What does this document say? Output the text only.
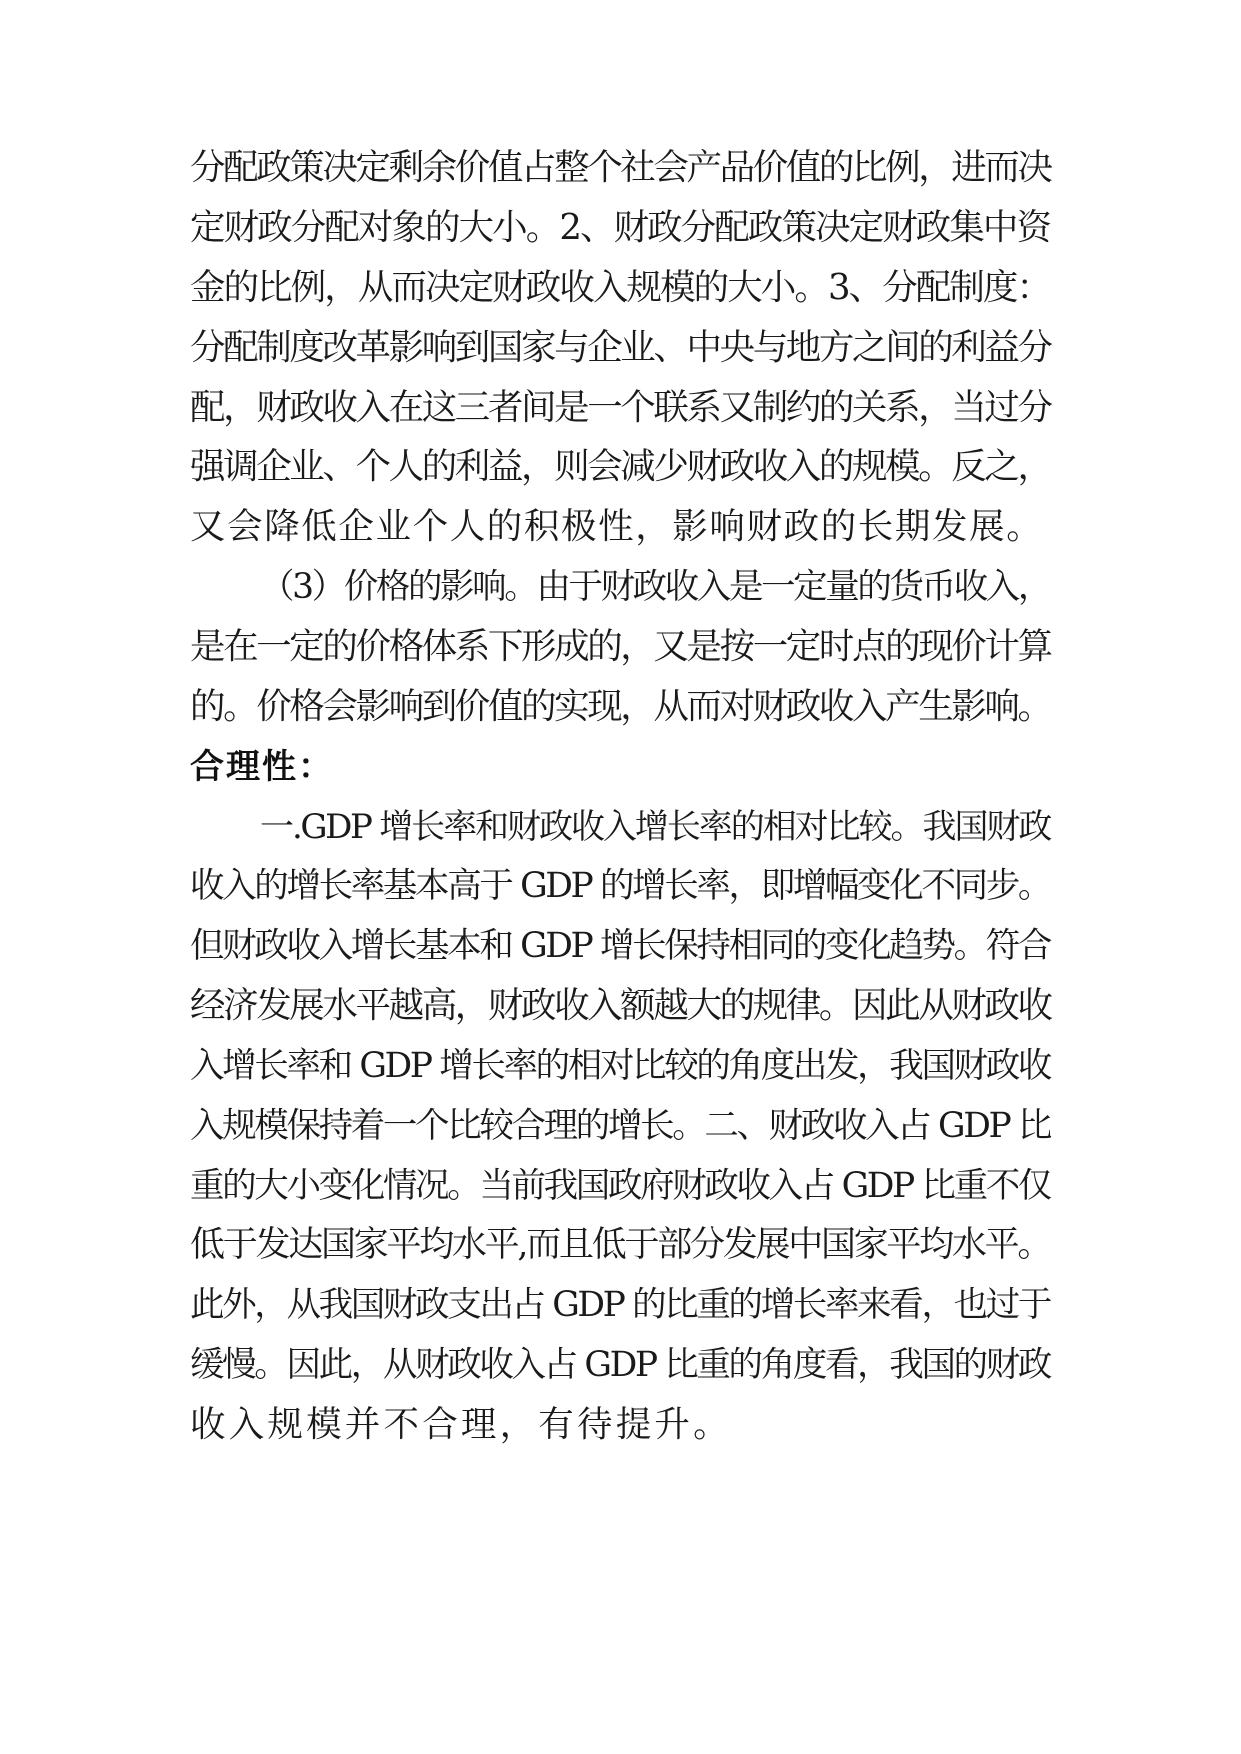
分配政策决定剩余价值占整个社会产品价值的比例，进而决

定财政分配对象的大小。2、财政分配政策决定财政集中资

金的比例，从而决定财政收入规模的大小。3、分配制度：

分配制度改革影响到国家与企业、中央与地方之间的利益分

配，财政收入在这三者间是一个联系又制约的关系，当过分

强调企业、个人的利益，则会减少财政收入的规模。反之，

又会降低企业个人的积极性，影响财政的长期发展。

（3）价格的影响。由于财政收入是一定量的货币收入，

是在一定的价格体系下形成的，又是按一定时点的现价计算

的。价格会影响到价值的实现，从而对财政收入产生影响。

合理性：

一.GDP 增长率和财政收入增长率的相对比较。我国财政

收入的增长率基本高于 GDP 的增长率，即增幅变化不同步。

但财政收入增长基本和 GDP 增长保持相同的变化趋势。符合

经济发展水平越高，财政收入额越大的规律。因此从财政收

入增长率和 GDP 增长率的相对比较的角度出发，我国财政收

入规模保持着一个比较合理的增长。二、财政收入占 GDP 比

重的大小变化情况。当前我国政府财政收入占 GDP 比重不仅

低于发达国家平均水平,而且低于部分发展中国家平均水平。

此外，从我国财政支出占 GDP 的比重的增长率来看，也过于

缓慢。因此，从财政收入占 GDP 比重的角度看，我国的财政

收入规模并不合理，有待提升。
